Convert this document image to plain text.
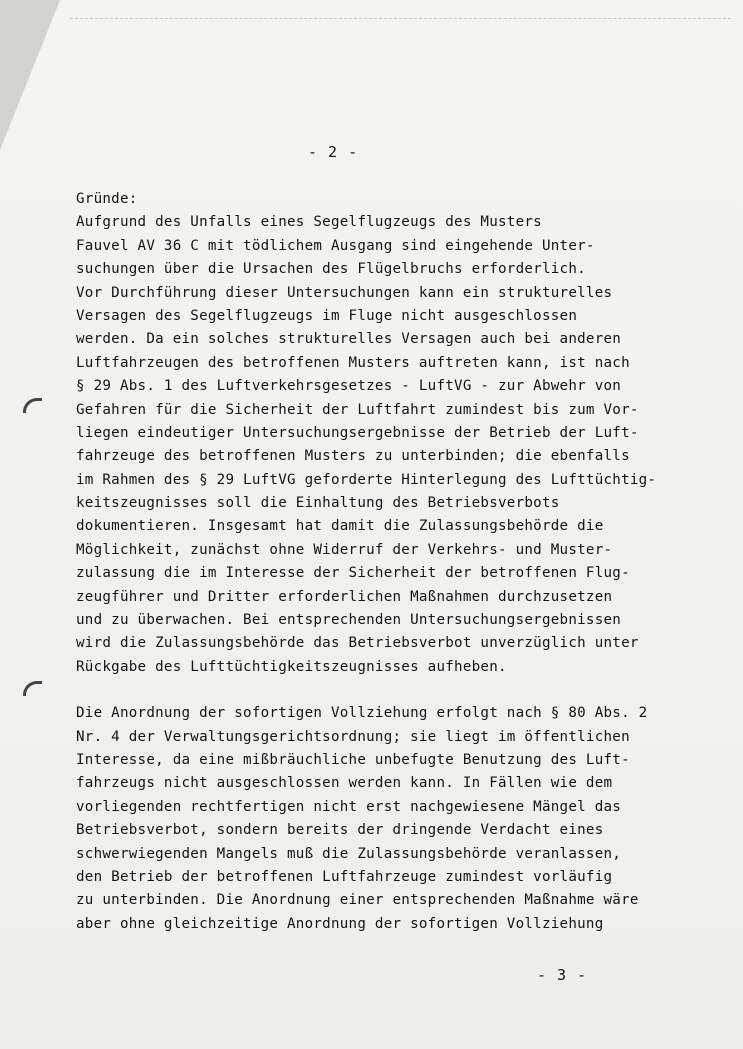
- 2 -
Gründe:
Aufgrund des Unfalls eines Segelflugzeugs des Musters
Fauvel AV 36 C mit tödlichem Ausgang sind eingehende Unter-
suchungen über die Ursachen des Flügelbruchs erforderlich.
Vor Durchführung dieser Untersuchungen kann ein strukturelles
Versagen des Segelflugzeugs im Fluge nicht ausgeschlossen
werden. Da ein solches strukturelles Versagen auch bei anderen
Luftfahrzeugen des betroffenen Musters auftreten kann, ist nach
§ 29 Abs. 1 des Luftverkehrsgesetzes - LuftVG - zur Abwehr von
Gefahren für die Sicherheit der Luftfahrt zumindest bis zum Vor-
liegen eindeutiger Untersuchungsergebnisse der Betrieb der Luft-
fahrzeuge des betroffenen Musters zu unterbinden; die ebenfalls
im Rahmen des § 29 LuftVG geforderte Hinterlegung des Lufttüchtig-
keitszeugnisses soll die Einhaltung des Betriebsverbots
dokumentieren. Insgesamt hat damit die Zulassungsbehörde die
Möglichkeit, zunächst ohne Widerruf der Verkehrs- und Muster-
zulassung die im Interesse der Sicherheit der betroffenen Flug-
zeugführer und Dritter erforderlichen Maßnahmen durchzusetzen
und zu überwachen. Bei entsprechenden Untersuchungsergebnissen
wird die Zulassungsbehörde das Betriebsverbot unverzüglich unter
Rückgabe des Lufttüchtigkeitszeugnisses aufheben.
Die Anordnung der sofortigen Vollziehung erfolgt nach § 80 Abs. 2
Nr. 4 der Verwaltungsgerichtsordnung; sie liegt im öffentlichen
Interesse, da eine mißbräuchliche unbefugte Benutzung des Luft-
fahrzeugs nicht ausgeschlossen werden kann. In Fällen wie dem
vorliegenden rechtfertigen nicht erst nachgewiesene Mängel das
Betriebsverbot, sondern bereits der dringende Verdacht eines
schwerwiegenden Mangels muß die Zulassungsbehörde veranlassen,
den Betrieb der betroffenen Luftfahrzeuge zumindest vorläufig
zu unterbinden. Die Anordnung einer entsprechenden Maßnahme wäre
aber ohne gleichzeitige Anordnung der sofortigen Vollziehung
- 3 -
